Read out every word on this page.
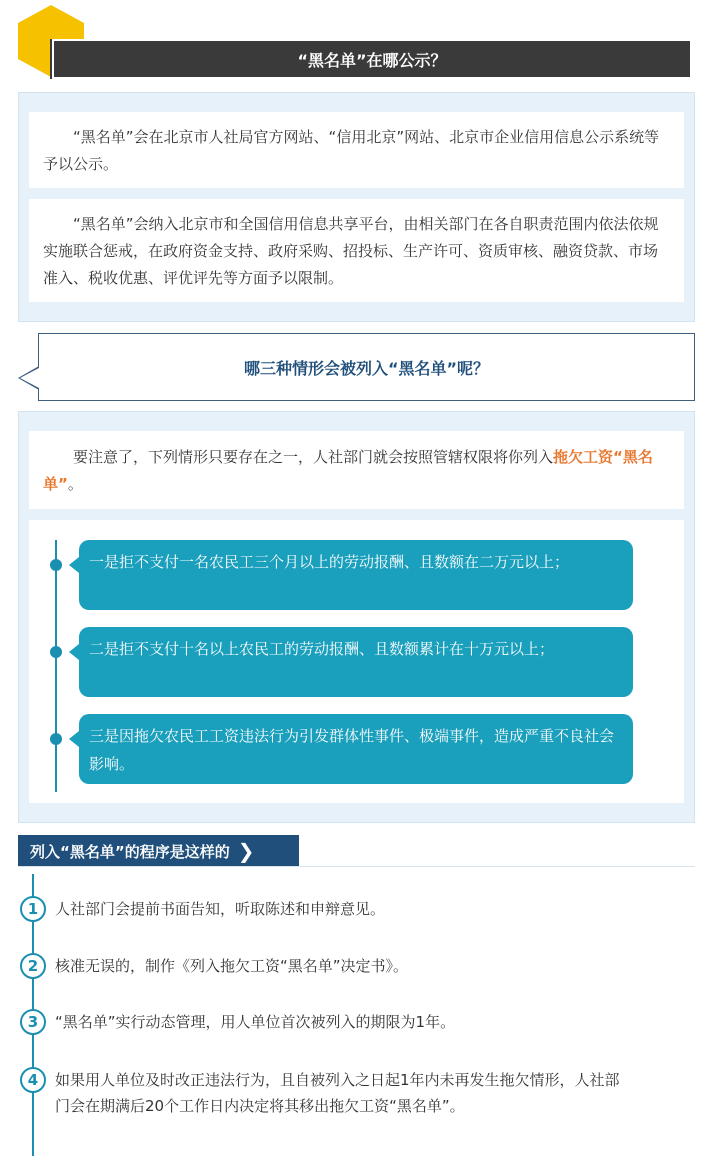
“黑名单”在哪公示？

“黑名单”会在北京市人社局官方网站、“信用北京”网站、北京市企业信用信息公示系统等予以公示。

“黑名单”会纳入北京市和全国信用信息共享平台，由相关部门在各自职责范围内依法依规实施联合惩戒，在政府资金支持、政府采购、招投标、生产许可、资质审核、融资贷款、市场准入、税收优惠、评优评先等方面予以限制。

哪三种情形会被列入“黑名单”呢？

要注意了，下列情形只要存在之一，人社部门就会按照管辖权限将你列入拖欠工资“黑名单”。

一是拒不支付一名农民工三个月以上的劳动报酬、且数额在二万元以上；
二是拒不支付十名以上农民工的劳动报酬、且数额累计在十万元以上；
三是因拖欠农民工工资违法行为引发群体性事件、极端事件，造成严重不良社会影响。
列入“黑名单”的程序是这样的 ❯
1 人社部门会提前书面告知，听取陈述和申辩意见。
2 核准无误的，制作《列入拖欠工资“黑名单”决定书》。
3 “黑名单”实行动态管理，用人单位首次被列入的期限为1年。
4 如果用人单位及时改正违法行为，且自被列入之日起1年内未再发生拖欠情形，人社部门会在期满后20个工作日内决定将其移出拖欠工资“黑名单”。
